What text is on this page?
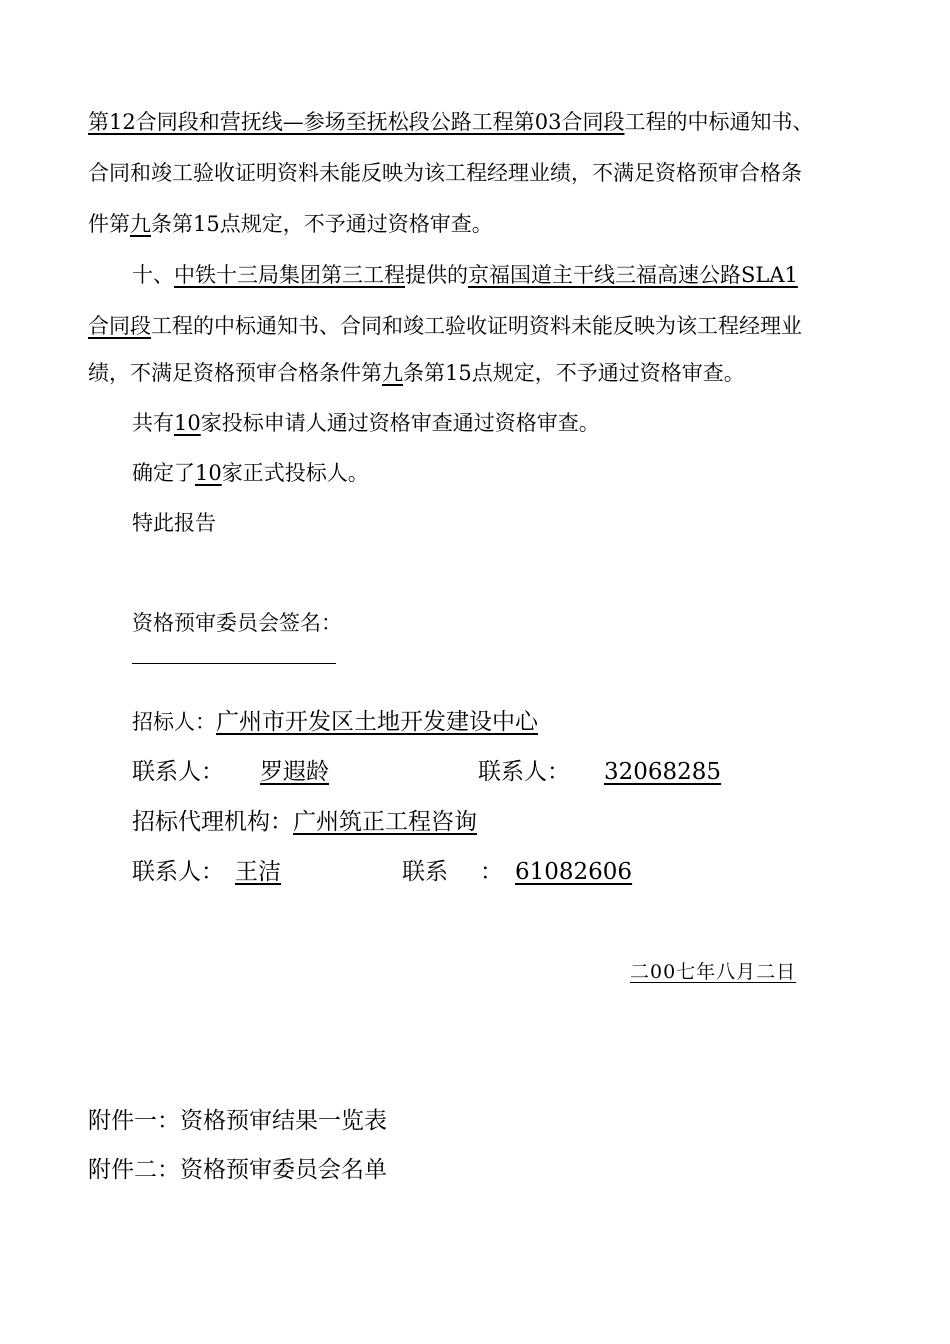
第12合同段和营抚线—参场至抚松段公路工程第03合同段工程的中标通知书、
合同和竣工验收证明资料未能反映为该工程经理业绩，不满足资格预审合格条
件第九条第15点规定，不予通过资格审查。
十、中铁十三局集团第三工程提供的京福国道主干线三福高速公路SLA1
合同段工程的中标通知书、合同和竣工验收证明资料未能反映为该工程经理业
绩，不满足资格预审合格条件第九条第15点规定，不予通过资格审查。
共有10家投标申请人通过资格审查通过资格审查。
确定了10家正式投标人。
特此报告
资格预审委员会签名：
招标人：广州市开发区土地开发建设中心
联系人： 罗遐龄	联系人： 32068285
招标代理机构：广州筑正工程咨询
联系人： 王洁	联系 ： 61082606
二00七年八月二日
附件一：资格预审结果一览表
附件二：资格预审委员会名单
